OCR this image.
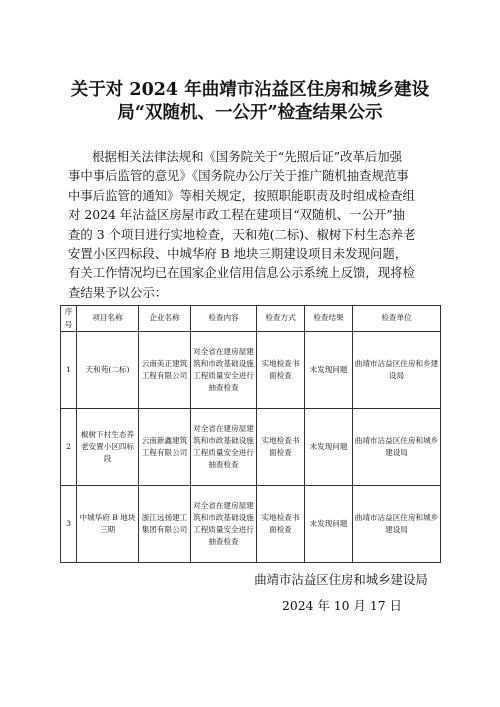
关于对 2024 年曲靖市沾益区住房和城乡建设
局“双随机、一公开”检查结果公示
根据相关法律法规和《国务院关于“先照后证”改革后加强
事中事后监管的意见》《国务院办公厅关于推广随机抽查规范事
中事后监管的通知》等相关规定，按照职能职责及时组成检查组
对 2024 年沾益区房屋市政工程在建项目“双随机、一公开”抽
查的 3 个项目进行实地检查，天和苑(二标)、椒树下村生态养老
安置小区四标段、中城华府 B 地块三期建设项目未发现问题，
有关工作情况均已在国家企业信用信息公示系统上反馈，现将检
查结果予以公示：
序号	项目名称	企业名称	检查内容	检查方式	检查结果	检查单位
1	天和苑(二标)	云南美正建筑工程有限公司	对全省在建房屋建筑和市政基础设施工程质量安全进行抽查检查	实地检查书面检查	未发现问题	曲靖市沾益区住房和乡建设局
2	椒树下村生态养老安置小区四标段	云南新鑫建筑工程有限公司	对全省在建房屋建筑和市政基础设施工程质量安全进行抽查检查	实地检查书面检查	未发现问题	曲靖市沾益区住房和城乡建设局
3	中城华府 B 地块三期	浙江远扬建工集团有限公司	对全省在建房屋建筑和市政基础设施工程质量安全进行抽查检查	实地检查书面检查	未发现问题	曲靖市沾益区住房和城乡建设局
曲靖市沾益区住房和城乡建设局
2024 年 10 月 17 日
